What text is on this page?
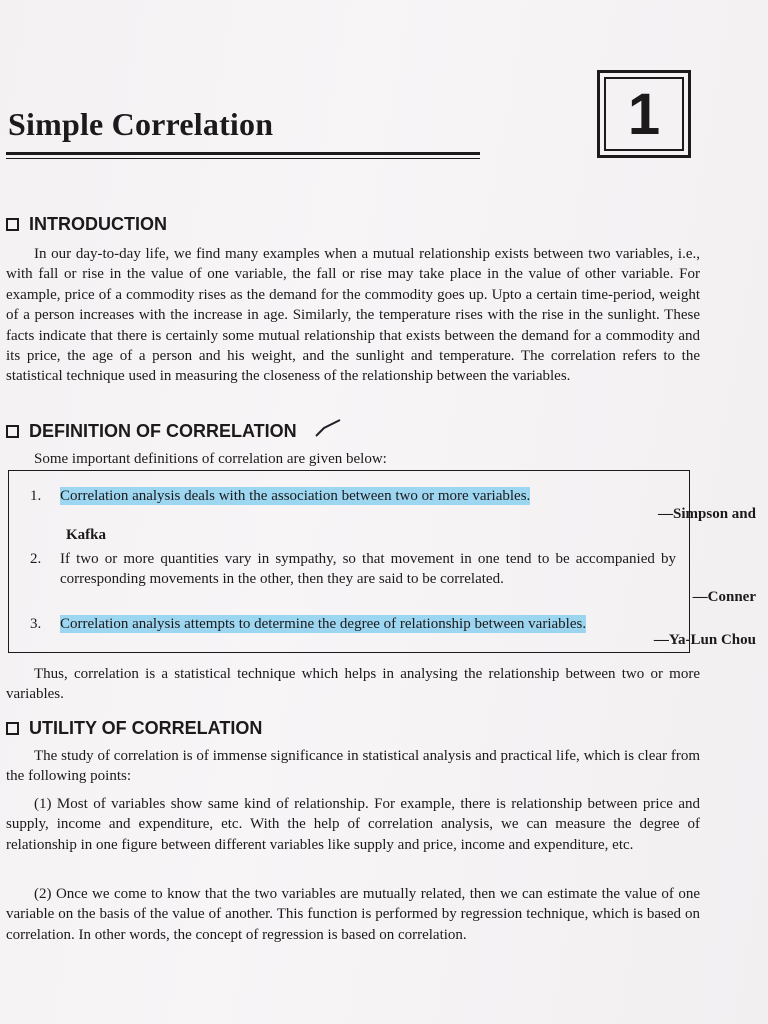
Simple Correlation	1
INTRODUCTION

In our day-to-day life, we find many examples when a mutual relationship exists between two variables, i.e., with fall or rise in the value of one variable, the fall or rise may take place in the value of other variable. For example, price of a commodity rises as the demand for the commodity goes up. Upto a certain time-period, weight of a person increases with the increase in age. Similarly, the temperature rises with the rise in the sunlight. These facts indicate that there is certainly some mutual relationship that exists between the demand for a commodity and its price, the age of a person and his weight, and the sunlight and temperature. The correlation refers to the statistical technique used in measuring the closeness of the relationship between the variables.

DEFINITION OF CORRELATION

Some important definitions of correlation are given below:

1.	Correlation analysis deals with the association between two or more variables.

—Simpson and

Kafka

2.	If two or more quantities vary in sympathy, so that movement in one tend to be accompanied by corresponding movements in the other, then they are said to be correlated.

—Conner

3.	Correlation analysis attempts to determine the degree of relationship between variables.

—Ya-Lun Chou

Thus, correlation is a statistical technique which helps in analysing the relationship between two or more variables.

UTILITY OF CORRELATION

The study of correlation is of immense significance in statistical analysis and practical life, which is clear from the following points:

(1) Most of variables show same kind of relationship. For example, there is relationship between price and supply, income and expenditure, etc. With the help of correlation analysis, we can measure the degree of relationship in one figure between different variables like supply and price, income and expenditure, etc.

(2) Once we come to know that the two variables are mutually related, then we can estimate the value of one variable on the basis of the value of another. This function is performed by regression technique, which is based on correlation. In other words, the concept of regression is based on correlation.
